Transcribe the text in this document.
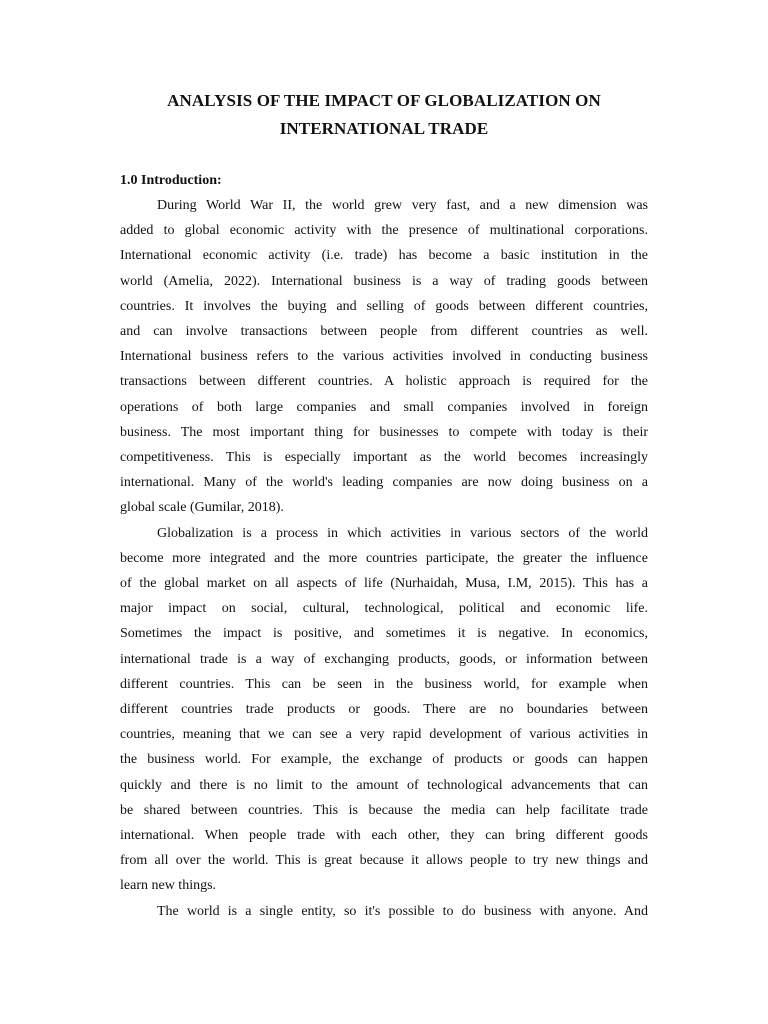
ANALYSIS OF THE IMPACT OF GLOBALIZATION ON
INTERNATIONAL TRADE
1.0 Introduction:
During World War II, the world grew very fast, and a new dimension was
added to global economic activity with the presence of multinational corporations.
International economic activity (i.e. trade) has become a basic institution in the
world (Amelia, 2022). International business is a way of trading goods between
countries. It involves the buying and selling of goods between different countries,
and can involve transactions between people from different countries as well.
International business refers to the various activities involved in conducting business
transactions between different countries. A holistic approach is required for the
operations of both large companies and small companies involved in foreign
business. The most important thing for businesses to compete with today is their
competitiveness. This is especially important as the world becomes increasingly
international. Many of the world's leading companies are now doing business on a
global scale (Gumilar, 2018).
Globalization is a process in which activities in various sectors of the world
become more integrated and the more countries participate, the greater the influence
of the global market on all aspects of life (Nurhaidah, Musa, I.M, 2015). This has a
major impact on social, cultural, technological, political and economic life.
Sometimes the impact is positive, and sometimes it is negative. In economics,
international trade is a way of exchanging products, goods, or information between
different countries. This can be seen in the business world, for example when
different countries trade products or goods. There are no boundaries between
countries, meaning that we can see a very rapid development of various activities in
the business world. For example, the exchange of products or goods can happen
quickly and there is no limit to the amount of technological advancements that can
be shared between countries. This is because the media can help facilitate trade
international. When people trade with each other, they can bring different goods
from all over the world. This is great because it allows people to try new things and
learn new things.
The world is a single entity, so it's possible to do business with anyone. And
